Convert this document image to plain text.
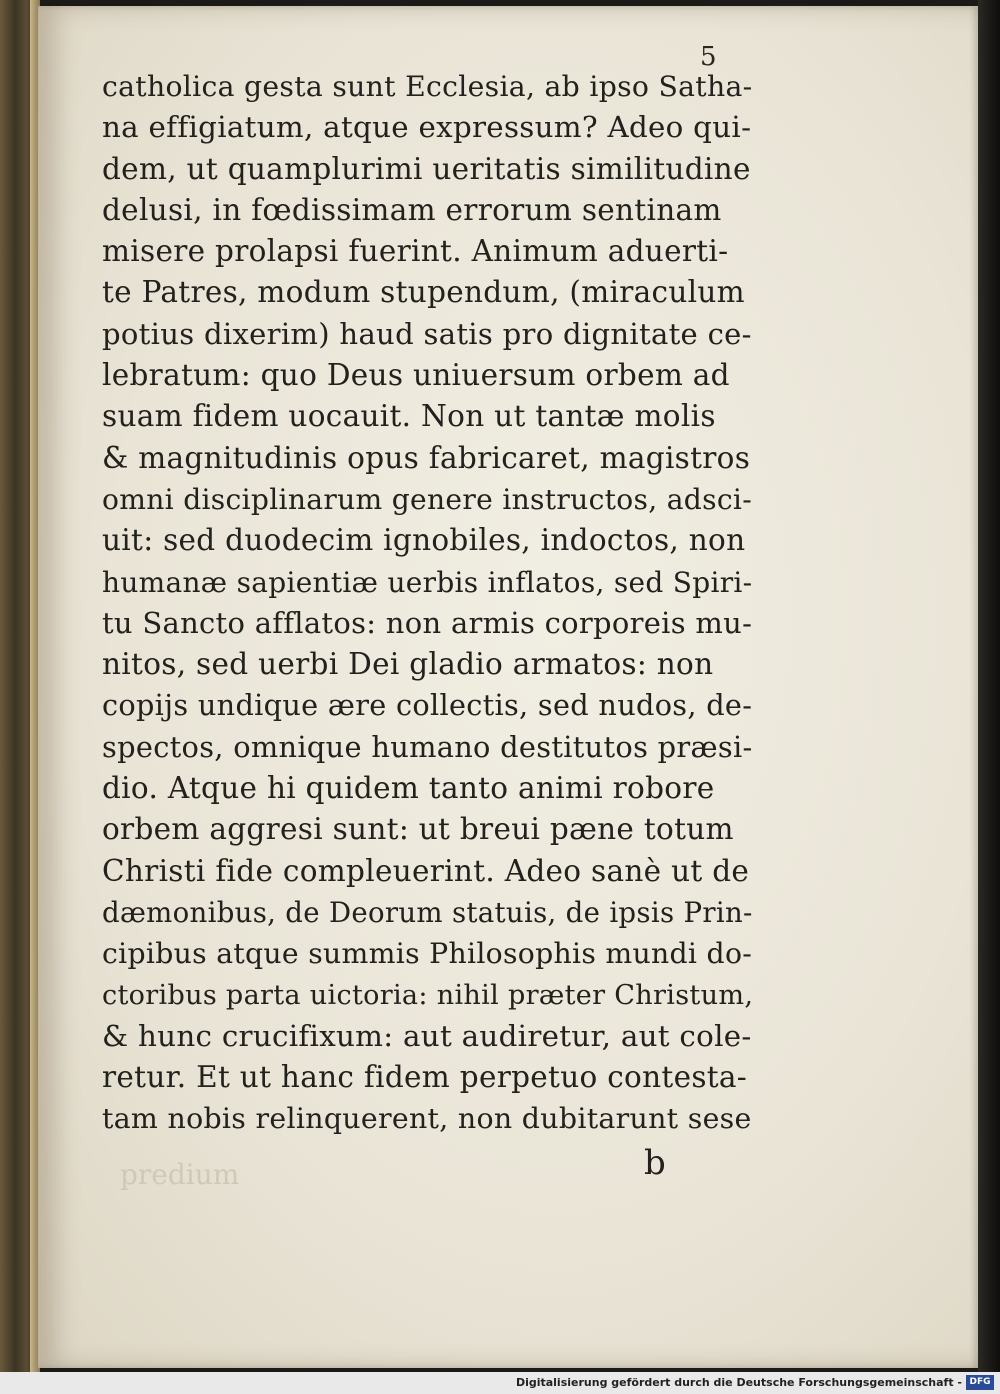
5
predium
catholica gesta sunt Ecclesia, ab ipso Satha-
na effigiatum, atque expressum? Adeo qui-
dem, ut quamplurimi ueritatis similitudine
delusi, in fœdissimam errorum sentinam
misere prolapsi fuerint. Animum aduerti-
te Patres, modum stupendum, (miraculum
potius dixerim) haud satis pro dignitate ce-
lebratum: quo Deus uniuersum orbem ad
suam fidem uocauit. Non ut tantæ molis
& magnitudinis opus fabricaret, magistros
omni disciplinarum genere instructos, adsci-
uit: sed duodecim ignobiles, indoctos, non
humanæ sapientiæ uerbis inflatos, sed Spiri-
tu Sancto afflatos: non armis corporeis mu-
nitos, sed uerbi Dei gladio armatos: non
copijs undique ære collectis, sed nudos, de-
spectos, omnique humano destitutos præsi-
dio. Atque hi quidem tanto animi robore
orbem aggresi sunt: ut breui pæne totum
Christi fide compleuerint. Adeo sanè ut de
dæmonibus, de Deorum statuis, de ipsis Prin-
cipibus atque summis Philosophis mundi do-
ctoribus parta uictoria: nihil præter Christum,
& hunc crucifixum: aut audiretur, aut cole-
retur. Et ut hanc fidem perpetuo contesta-
tam nobis relinquerent, non dubitarunt sese
b
Digitalisierung gefördert durch die Deutsche Forschungsgemeinschaft - DFG
